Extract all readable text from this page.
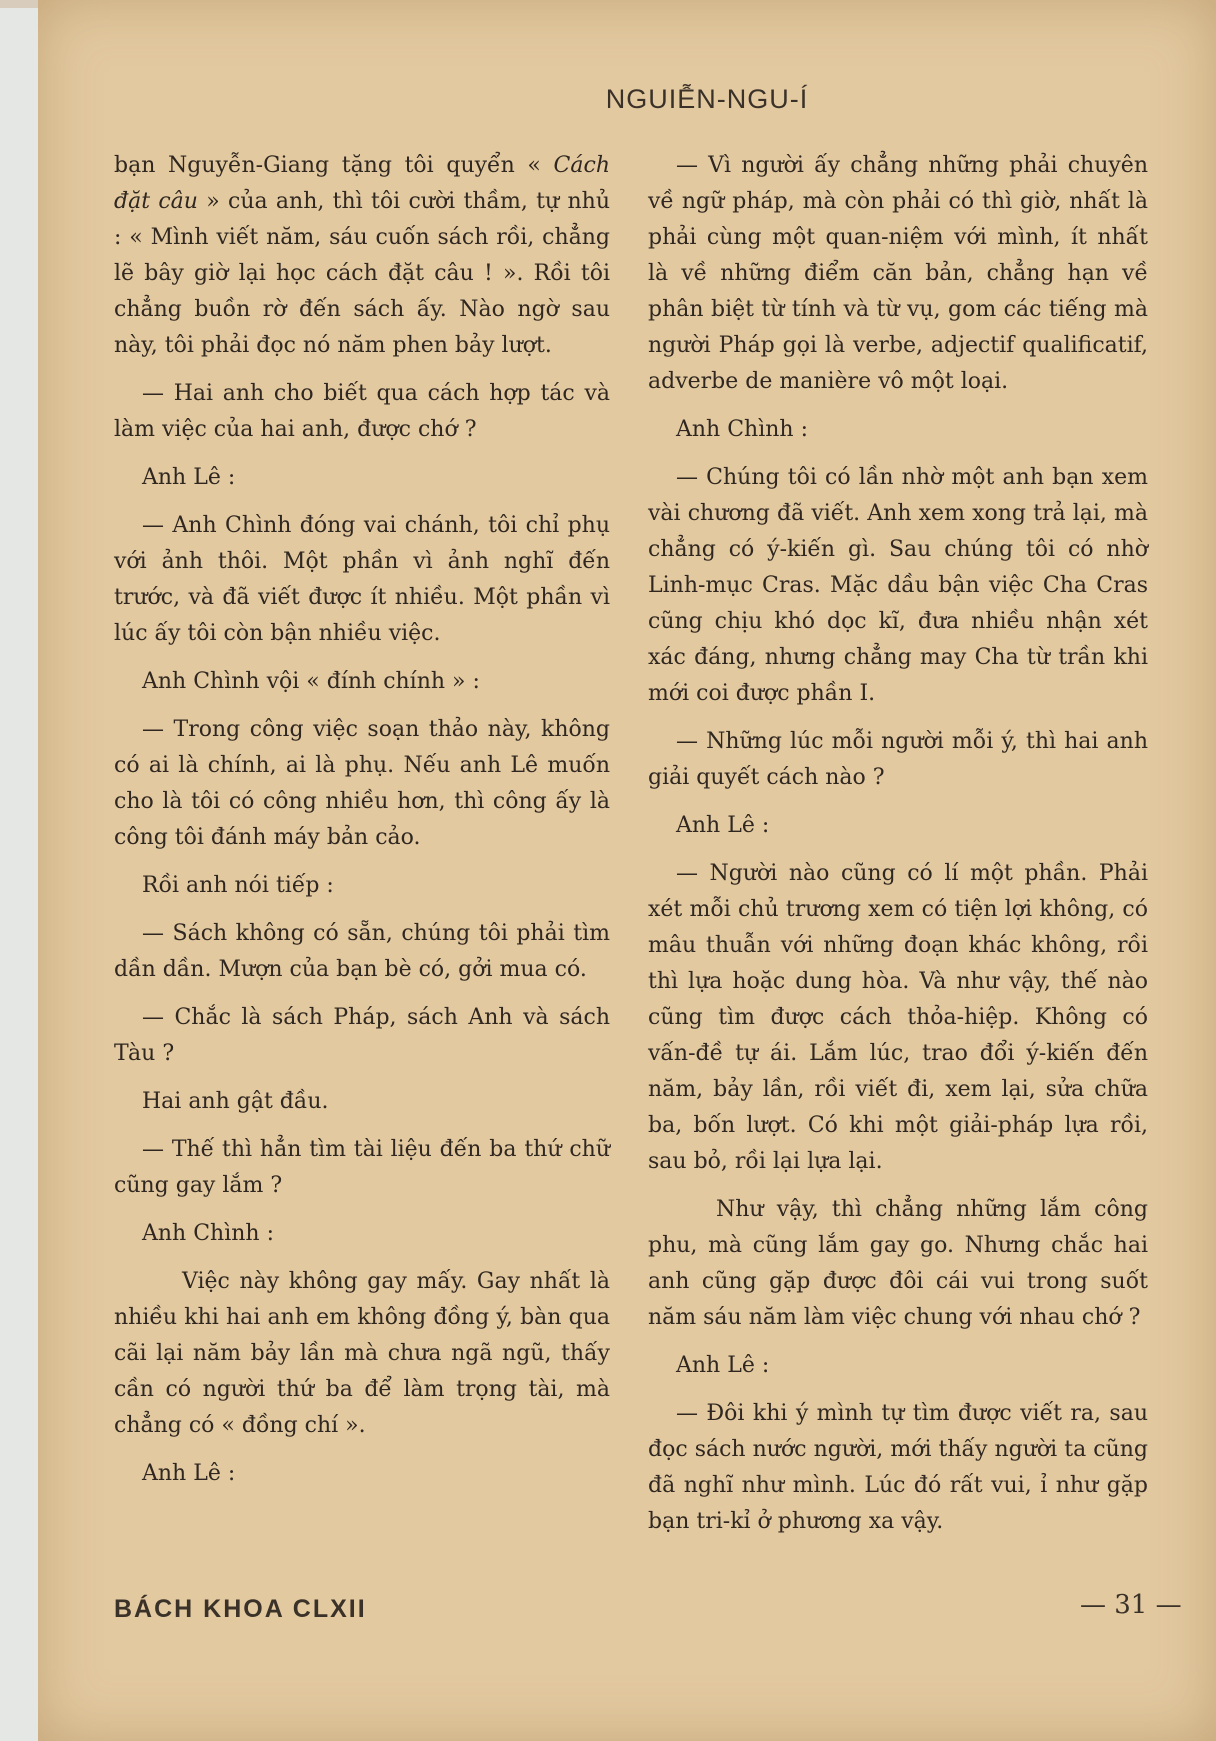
NGUIỄN-NGU-Í

bạn Nguyễn-Giang tặng tôi quyển « Cách đặt câu » của anh, thì tôi cười thầm, tự nhủ : « Mình viết năm, sáu cuốn sách rồi, chẳng lẽ bây giờ lại học cách đặt câu ! ». Rồi tôi chẳng buồn rờ đến sách ấy. Nào ngờ sau này, tôi phải đọc nó năm phen bảy lượt.

— Hai anh cho biết qua cách hợp tác và làm việc của hai anh, được chớ ?

Anh Lê :

— Anh Chình đóng vai chánh, tôi chỉ phụ với ảnh thôi. Một phần vì ảnh nghĩ đến trước, và đã viết được ít nhiều. Một phần vì lúc ấy tôi còn bận nhiều việc.

Anh Chình vội « đính chính » :

— Trong công việc soạn thảo này, không có ai là chính, ai là phụ. Nếu anh Lê muốn cho là tôi có công nhiều hơn, thì công ấy là công tôi đánh máy bản cảo.

Rồi anh nói tiếp :

— Sách không có sẵn, chúng tôi phải tìm dần dần. Mượn của bạn bè có, gởi mua có.

— Chắc là sách Pháp, sách Anh và sách Tàu ?

Hai anh gật đầu.

— Thế thì hẳn tìm tài liệu đến ba thứ chữ cũng gay lắm ?

Anh Chình :

Việc này không gay mấy. Gay nhất là nhiều khi hai anh em không đồng ý, bàn qua cãi lại năm bảy lần mà chưa ngã ngũ, thấy cần có người thứ ba để làm trọng tài, mà chẳng có « đồng chí ».

Anh Lê :

— Vì người ấy chẳng những phải chuyên về ngữ pháp, mà còn phải có thì giờ, nhất là phải cùng một quan-niệm với mình, ít nhất là về những điểm căn bản, chẳng hạn về phân biệt từ tính và từ vụ, gom các tiếng mà người Pháp gọi là verbe, adjectif qualificatif, adverbe de manière vô một loại.

Anh Chình :

— Chúng tôi có lần nhờ một anh bạn xem vài chương đã viết. Anh xem xong trả lại, mà chẳng có ý-kiến gì. Sau chúng tôi có nhờ Linh-mục Cras. Mặc dầu bận việc Cha Cras cũng chịu khó dọc kĩ, đưa nhiều nhận xét xác đáng, nhưng chẳng may Cha từ trần khi mới coi được phần I.

— Những lúc mỗi người mỗi ý, thì hai anh giải quyết cách nào ?

Anh Lê :

— Người nào cũng có lí một phần. Phải xét mỗi chủ trương xem có tiện lợi không, có mâu thuẫn với những đoạn khác không, rồi thì lựa hoặc dung hòa. Và như vậy, thế nào cũng tìm được cách thỏa-hiệp. Không có vấn-đề tự ái. Lắm lúc, trao đổi ý-kiến đến năm, bảy lần, rồi viết đi, xem lại, sửa chữa ba, bốn lượt. Có khi một giải-pháp lựa rồi, sau bỏ, rồi lại lựa lại.

Như vậy, thì chẳng những lắm công phu, mà cũng lắm gay go. Nhưng chắc hai anh cũng gặp được đôi cái vui trong suốt năm sáu năm làm việc chung với nhau chớ ?

Anh Lê :

— Đôi khi ý mình tự tìm được viết ra, sau đọc sách nước người, mới thấy người ta cũng đã nghĩ như mình. Lúc đó rất vui, ỉ như gặp bạn tri-kỉ ở phương xa vậy.

BÁCH KHOA CLXII	— 31 —
